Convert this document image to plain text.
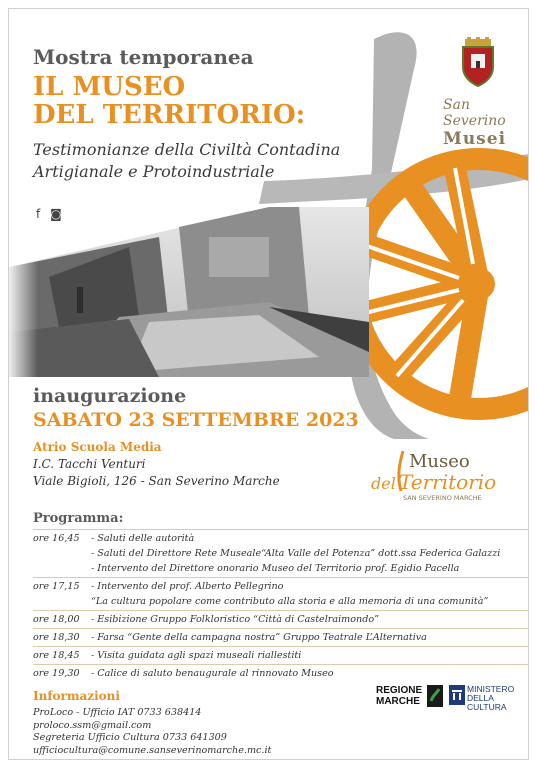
Mostra temporanea
IL MUSEO
DEL TERRITORIO:
Testimonianze della Civiltà Contadina
Artigianale e Protoindustriale
f ◙
San Severino
Musei
inaugurazione
SABATO 23 SETTEMBRE 2023
Atrio Scuola Media
I.C. Tacchi Venturi
Viale Bigioli, 126 - San Severino Marche
Museo
del Territorio
SAN SEVERINO MARCHE
Programma:
ore 16,45	- Saluti delle autorità
- Saluti del Direttore Rete Museale“Alta Valle del Potenza” dott.ssa Federica Galazzi
- Intervento del Direttore onorario Museo del Territorio prof. Egidio Pacella
ore 17,15	- Intervento del prof. Alberto Pellegrino
“La cultura popolare come contributo alla storia e alla memoria di una comunità”
ore 18,00	- Esibizione Gruppo Folkloristico “Città di Castelraimondo”
ore 18,30	- Farsa “Gente della campagna nostra” Gruppo Teatrale L’Alternativa
ore 18,45	- Visita guidata agli spazi museali riallestiti
ore 19,30	- Calice di saluto benaugurale al rinnovato Museo
Informazioni
ProLoco - Ufficio IAT 0733 638414
proloco.ssm@gmail.com
Segreteria Ufficio Cultura 0733 641309
ufficiocultura@comune.sanseverinomarche.mc.it
REGIONE
MARCHE
MINISTERO
DELLA
CULTURA
